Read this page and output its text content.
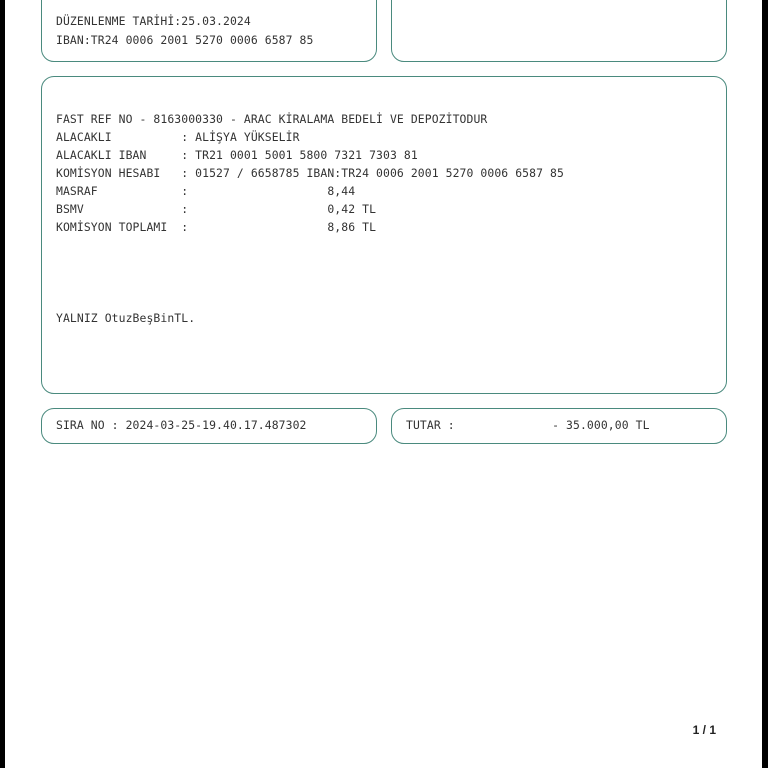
DÜZENLENME TARİHİ:25.03.2024
IBAN:TR24 0006 2001 5270 0006 6587 85
FAST REF NO - 8163000330 - ARAC KİRALAMA BEDELİ VE DEPOZİTODUR
ALACAKLI          : ALİŞYA YÜKSELİR
ALACAKLI IBAN     : TR21 0001 5001 5800 7321 7303 81
KOMİSYON HESABI   : 01527 / 6658785 IBAN:TR24 0006 2001 5270 0006 6587 85
MASRAF            :                    8,44
BSMV              :                    0,42 TL
KOMİSYON TOPLAMI  :                    8,86 TL
YALNIZ OtuzBeşBinTL.
SIRA NO : 2024-03-25-19.40.17.487302	TUTAR :              - 35.000,00 TL
1 / 1
